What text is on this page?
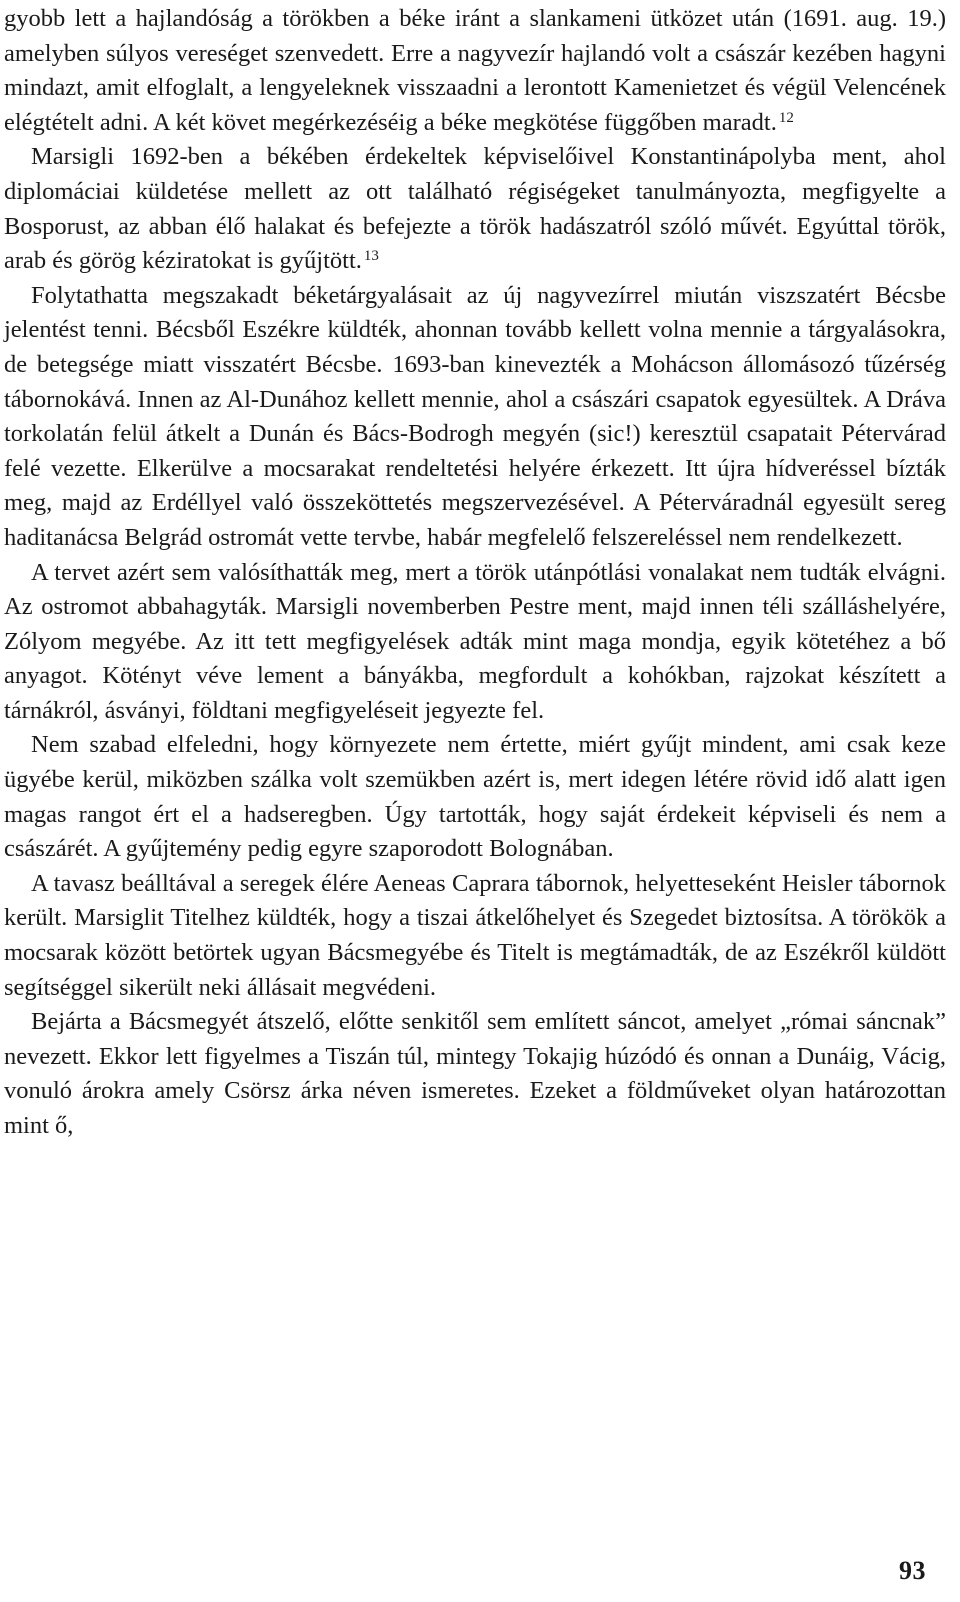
gyobb lett a hajlandóság a törökben a béke iránt a slankameni ütközet után (1691. aug. 19.) amelyben súlyos vereséget szenvedett. Erre a nagyvezír hajlandó volt a császár kezében hagyni mindazt, amit elfoglalt, a lengyeleknek visszaadni a lerontott Kamenietzet és végül Velencének elégtételt adni. A két követ megérkezéséig a béke megkötése függőben maradt. $^{12}$

Marsigli 1692-ben a békében érdekeltek képviselőivel Konstantinápolyba ment, ahol diplomáciai küldetése mellett az ott található régiségeket tanulmányozta, megfigyelte a Bosporust, az abban élő halakat és befejezte a török hadászatról szóló művét. Egyúttal török, arab és görög kéziratokat is gyűjtött. $^{13}$

Folytathatta megszakadt béketárgyalásait az új nagyvezírrel miután viszszatért Bécsbe jelentést tenni. Bécsből Eszékre küldték, ahonnan tovább kellett volna mennie a tárgyalásokra, de betegsége miatt visszatért Bécsbe. 1693-ban kinevezték a Mohácson állomásozó tűzérség tábornokává. Innen az Al-Dunához kellett mennie, ahol a császári csapatok egyesültek. A Dráva torkolatán felül átkelt a Dunán és Bács-Bodrogh megyén (sic!) keresztül csapatait Pétervárad felé vezette. Elkerülve a mocsarakat rendeltetési helyére érkezett. Itt újra hídveréssel bízták meg, majd az Erdéllyel való összeköttetés megszervezésével. A Péterváradnál egyesült sereg haditanácsa Belgrád ostromát vette tervbe, habár megfelelő felszereléssel nem rendelkezett.

A tervet azért sem valósíthatták meg, mert a török utánpótlási vonalakat nem tudták elvágni. Az ostromot abbahagyták. Marsigli novemberben Pestre ment, majd innen téli szálláshelyére, Zólyom megyébe. Az itt tett megfigyelések adták mint maga mondja, egyik kötetéhez a bő anyagot. Kötényt véve lement a bányákba, megfordult a kohókban, rajzokat készített a tárnákról, ásványi, földtani megfigyeléseit jegyezte fel.

Nem szabad elfeledni, hogy környezete nem értette, miért gyűjt mindent, ami csak keze ügyébe kerül, miközben szálka volt szemükben azért is, mert idegen létére rövid idő alatt igen magas rangot ért el a hadseregben. Úgy tartották, hogy saját érdekeit képviseli és nem a császárét. A gyűjtemény pedig egyre szaporodott Bolognában.

A tavasz beálltával a seregek élére Aeneas Caprara tábornok, helyetteseként Heisler tábornok került. Marsiglit Titelhez küldték, hogy a tiszai átkelőhelyet és Szegedet biztosítsa. A törökök a mocsarak között betörtek ugyan Bácsmegyébe és Titelt is megtámadták, de az Eszékről küldött segítséggel sikerült neki állásait megvédeni.

Bejárta a Bácsmegyét átszelő, előtte senkitől sem említett sáncot, amelyet „római sáncnak” nevezett. Ekkor lett figyelmes a Tiszán túl, mintegy Tokajig húzódó és onnan a Dunáig, Vácig, vonuló árokra amely Csörsz árka néven ismeretes. Ezeket a földműveket olyan határozottan mint ő,

93
